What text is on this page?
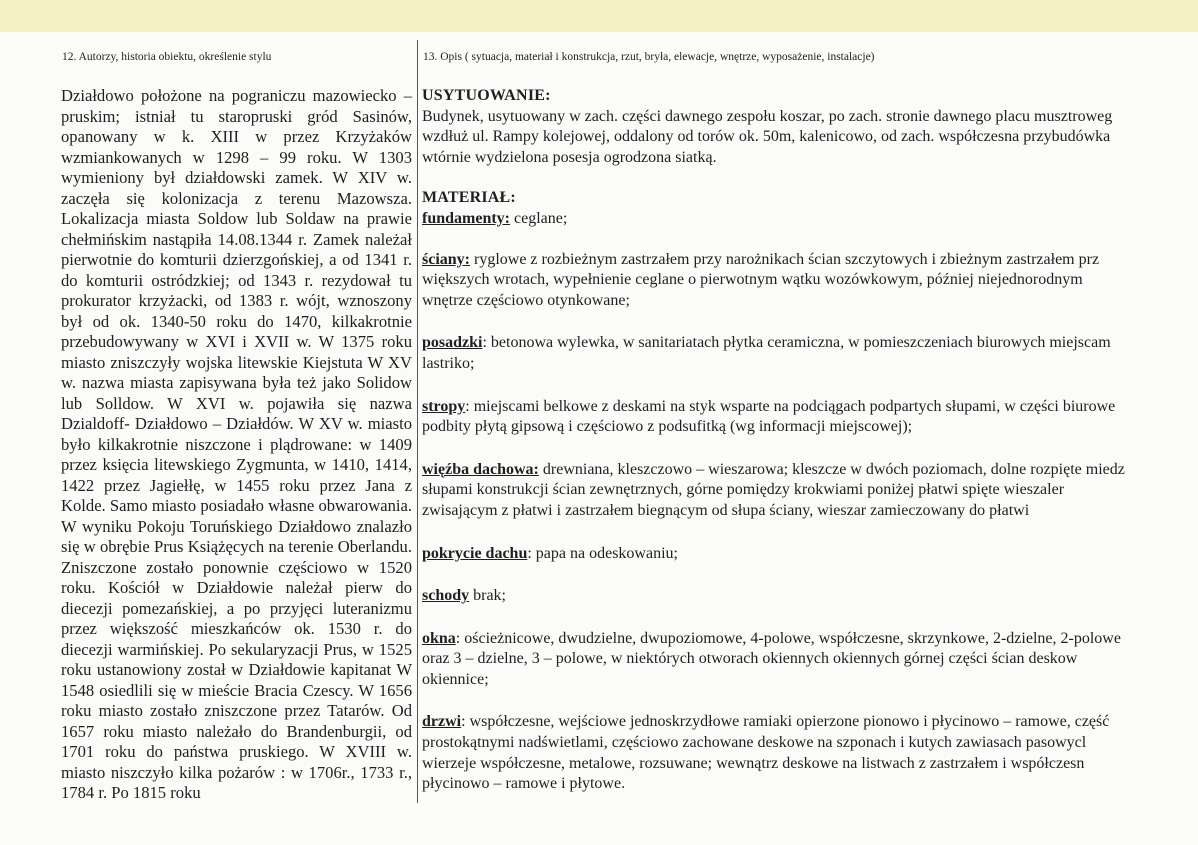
12. Autorzy, historia obiektu, określenie stylu	13. Opis ( sytuacja, materiał i konstrukcja, rzut, bryła, elewacje, wnętrze, wyposażenie, instalacje)

Działdowo położone na pograniczu mazowiecko – pruskim; istniał tu staropruski gród Sasinów, opanowany w k. XIII w przez Krzyżaków wzmiankowanych w 1298 – 99 roku. W 1303 wymieniony był działdowski zamek. W XIV w. zaczęła się kolonizacja z terenu Mazowsza. Lokalizacja miasta Soldow lub Soldaw na prawie chełmińskim nastąpiła 14.08.1344 r. Zamek należał pierwotnie do komturii dzierzgońskiej, a od 1341 r. do komturii ostródzkiej; od 1343 r. rezydował tu prokurator krzyżacki, od 1383 r. wójt, wznoszony był od ok. 1340-50 roku do 1470, kilkakrotnie przebudowywany w XVI i XVII w. W 1375 roku miasto zniszczyły wojska litewskie Kiejstuta W XV w. nazwa miasta zapisywana była też jako Solidow lub Solldow. W XVI w. pojawiła się nazwa Dzialdoff- Działdowo – Działdów. W XV w. miasto było kilkakrotnie niszczone i plądrowane: w 1409 przez księcia litewskiego Zygmunta, w 1410, 1414, 1422 przez Jagiełłę, w 1455 roku przez Jana z Kolde. Samo miasto posiadało własne obwarowania. W wyniku Pokoju Toruńskiego Działdowo znalazło się w obrębie Prus Książęcych na terenie Oberlandu. Zniszczone zostało ponownie częściowo w 1520 roku. Kościół w Działdowie należał pierw do diecezji pomezańskiej, a po przyjęci luteranizmu przez większość mieszkańców ok. 1530 r. do diecezji warmińskiej. Po sekularyzacji Prus, w 1525 roku ustanowiony został w Działdowie kapitanat W 1548 osiedlili się w mieście Bracia Czescy. W 1656 roku miasto zostało zniszczone przez Tatarów. Od 1657 roku miasto należało do Brandenburgii, od 1701 roku do państwa pruskiego. W XVIII w. miasto niszczyło kilka pożarów : w 1706r., 1733 r., 1784 r. Po 1815 roku

USYTUOWANIE:
Budynek, usytuowany w zach. części dawnego zespołu koszar, po zach. stronie dawnego placu musztroweg
wzdłuż ul. Rampy kolejowej, oddalony od torów ok. 50m, kalenicowo, od zach. współczesna przybudówka
wtórnie wydzielona posesja ogrodzona siatką.
MATERIAŁ:
fundamenty: ceglane;
ściany: ryglowe z rozbieżnym zastrzałem przy narożnikach ścian szczytowych i zbieżnym zastrzałem prz
większych wrotach, wypełnienie ceglane o pierwotnym wątku wozówkowym, później niejednorodnym
wnętrze częściowo otynkowane;
posadzki: betonowa wylewka, w sanitariatach płytka ceramiczna, w pomieszczeniach biurowych miejscam
lastriko;
stropy: miejscami belkowe z deskami na styk wsparte na podciągach podpartych słupami, w części biurowe
podbity płytą gipsową i częściowo z podsufitką (wg informacji miejscowej);
więźba dachowa: drewniana, kleszczowo – wieszarowa; kleszcze w dwóch poziomach, dolne rozpięte miedz
słupami konstrukcji ścian zewnętrznych, górne pomiędzy krokwiami poniżej płatwi spięte wieszaler
zwisającym z płatwi i zastrzałem biegnącym od słupa ściany, wieszar zamieczowany do płatwi
pokrycie dachu: papa na odeskowaniu;
schody brak;
okna: ościeżnicowe, dwudzielne, dwupoziomowe, 4-polowe, współczesne, skrzynkowe, 2-dzielne, 2-polowe
oraz 3 – dzielne, 3 – polowe, w niektórych otworach okiennych okiennych górnej części ścian deskow
okiennice;
drzwi: współczesne, wejściowe jednoskrzydłowe ramiaki opierzone pionowo i płycinowo – ramowe, część
prostokątnymi nadświetlami, częściowo zachowane deskowe na szponach i kutych zawiasach pasowycl
wierzeje współczesne, metalowe, rozsuwane; wewnątrz deskowe na listwach z zastrzałem i współczesn
płycinowo – ramowe i płytowe.
